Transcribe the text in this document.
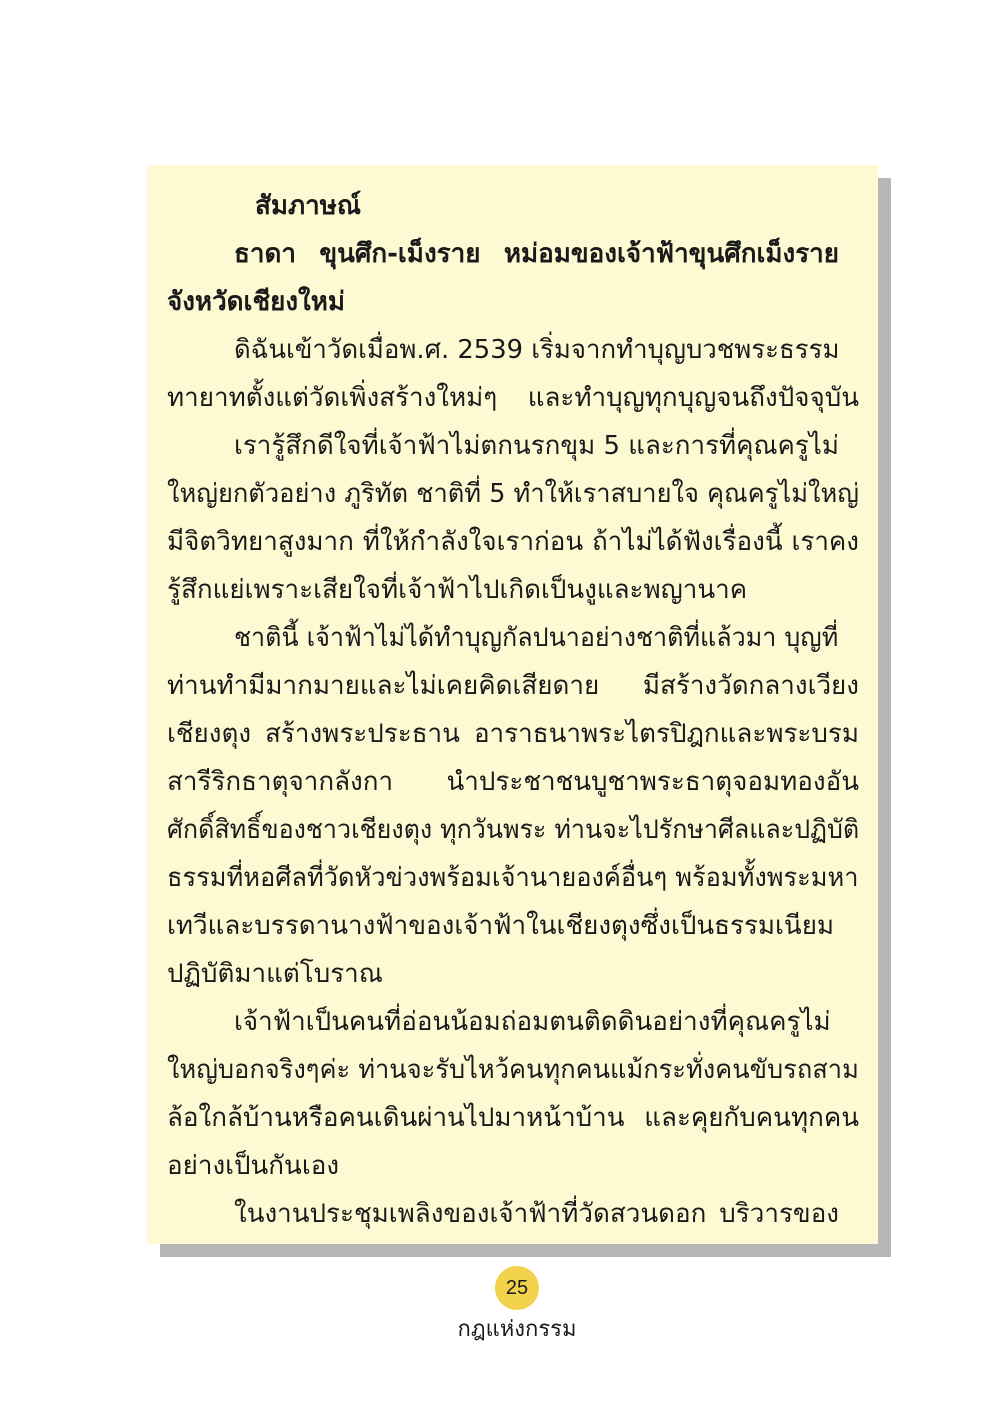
สัมภาษณ์
ธาดา ขุนศึก-เม็งราย หม่อมของเจ้าฟ้าขุนศึกเม็งราย
จังหวัดเชียงใหม่
ดิฉันเข้าวัดเมื่อพ.ศ. 2539 เริ่มจากทำบุญบวชพระธรรม
ทายาทตั้งแต่วัดเพิ่งสร้างใหม่ๆ และทำบุญทุกบุญจนถึงปัจจุบัน
เรารู้สึกดีใจที่เจ้าฟ้าไม่ตกนรกขุม 5 และการที่คุณครูไม่
ใหญ่ยกตัวอย่าง ภูริทัต ชาติที่ 5 ทำให้เราสบายใจ คุณครูไม่ใหญ่
มีจิตวิทยาสูงมาก ที่ให้กำลังใจเราก่อน ถ้าไม่ได้ฟังเรื่องนี้ เราคง
รู้สึกแย่เพราะเสียใจที่เจ้าฟ้าไปเกิดเป็นงูและพญานาค
ชาตินี้ เจ้าฟ้าไม่ได้ทำบุญกัลปนาอย่างชาติที่แล้วมา บุญที่
ท่านทำมีมากมายและไม่เคยคิดเสียดาย มีสร้างวัดกลางเวียง
เชียงตุง สร้างพระประธาน อาราธนาพระไตรปิฎกและพระบรม
สารีริกธาตุจากลังกา นำประชาชนบูชาพระธาตุจอมทองอัน
ศักดิ์สิทธิ์ของชาวเชียงตุง ทุกวันพระ ท่านจะไปรักษาศีลและปฏิบัติ
ธรรมที่หอศีลที่วัดหัวข่วงพร้อมเจ้านายองค์อื่นๆ พร้อมทั้งพระมหา
เทวีและบรรดานางฟ้าของเจ้าฟ้าในเชียงตุงซึ่งเป็นธรรมเนียม
ปฏิบัติมาแต่โบราณ
เจ้าฟ้าเป็นคนที่อ่อนน้อมถ่อมตนติดดินอย่างที่คุณครูไม่
ใหญ่บอกจริงๆค่ะ ท่านจะรับไหว้คนทุกคนแม้กระทั่งคนขับรถสาม
ล้อใกล้บ้านหรือคนเดินผ่านไปมาหน้าบ้าน และคุยกับคนทุกคน
อย่างเป็นกันเอง
ในงานประชุมเพลิงของเจ้าฟ้าที่วัดสวนดอก บริวารของ
25
กฎแห่งกรรม
